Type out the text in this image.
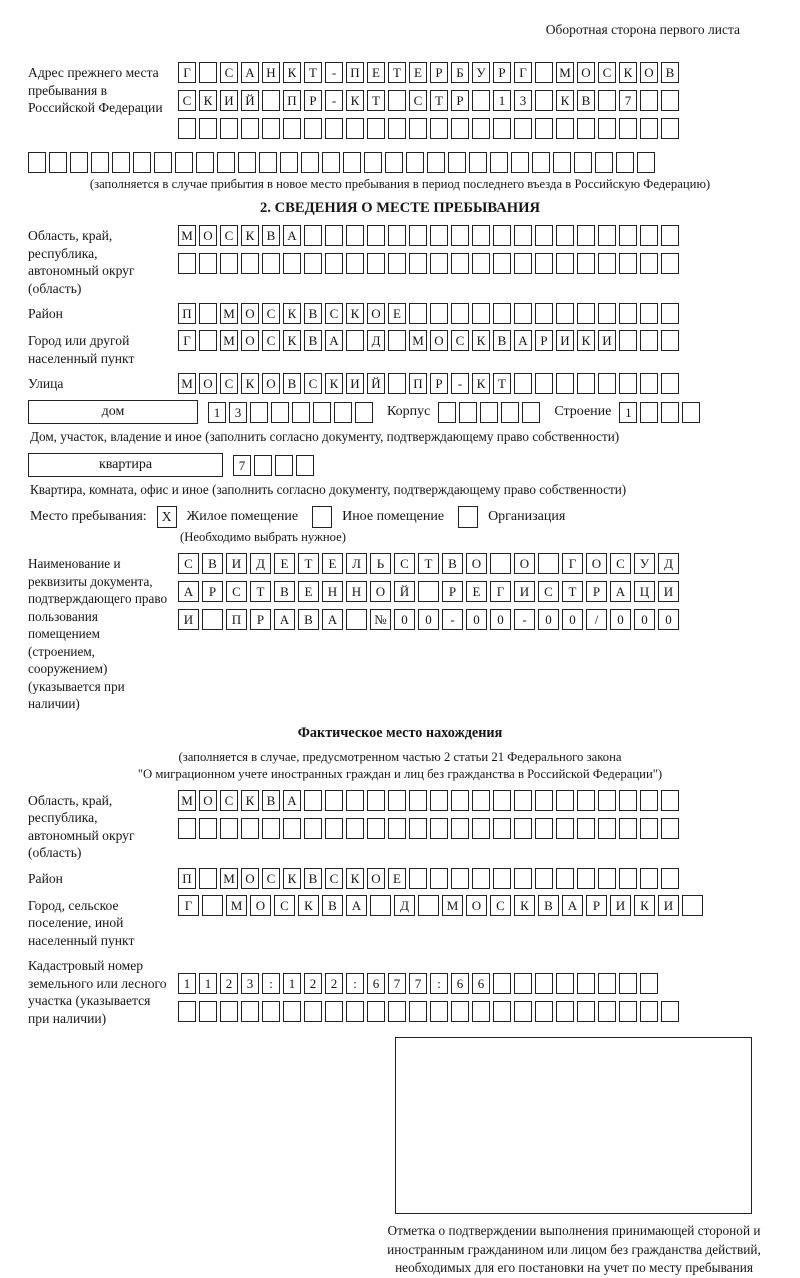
Оборотная сторона первого листа
Адрес прежнего места пребывания в Российской Федерации
Г	С А Н К Т	-	П Е	Т	Е	Р	Б У Р	Г	М О С К О В
С К И Й	П Р	-	К Т	С Т	Р	1	3	К В	7
(заполняется в случае прибытия в новое место пребывания в период последнего въезда в Российскую Федерацию)
2. СВЕДЕНИЯ О МЕСТЕ ПРЕБЫВАНИЯ
Область, край, республика, автономный округ (область)
М О С К В А
Район	П	М О С К В С К О Е
Город или другой населенный пункт
Г	М О С К В А	Д	М О С К В А Р И К И
Улица	М О С К О В С К И Й	П Р	-	К Т
дом	1	3	Корпус	Строение	1
Дом, участок, владение и иное (заполнить согласно документу, подтверждающему право собственности)
квартира	7
Квартира, комната, офис и иное (заполнить согласно документу, подтверждающему право собственности)
Место пребывания:	X	Жилое помещение	Иное помещение	Организация
(Необходимо выбрать нужное)
Наименование и реквизиты документа, подтверждающего право пользования помещением (строением, сооружением) (указывается при наличии)
С	В	И	Д	Е	Т	Е	Л	Ь	С	Т	В	О	О	Г	О	С	У	Д
А	Р	С	Т	В	Е	Н	Н	О	Й	Р	Е	Г	И	С	Т	Р	А	Ц	И
И	П	Р	А	В	А	№	0	0	-	0	0	-	0	0	/	0	0	0
Фактическое место нахождения
(заполняется в случае, предусмотренном частью 2 статьи 21 Федерального закона
"О миграционном учете иностранных граждан и лиц без гражданства в Российской Федерации")
Область, край, республика, автономный округ (область)
М О С К В А
Район	П	М О С К В С К О Е
Город, сельское поселение, иной населенный пункт
Г	М	О	С	К	В	А	Д	М	О	С	К	В	А	Р	И	К	И
Кадастровый номер земельного или лесного участка (указывается при наличии)
1	1	2	3	:	1	2	2	:	6	7	7	:	6	6
Отметка о подтверждении выполнения принимающей стороной и иностранным гражданином или лицом без гражданства действий, необходимых для его постановки на учет по месту пребывания
